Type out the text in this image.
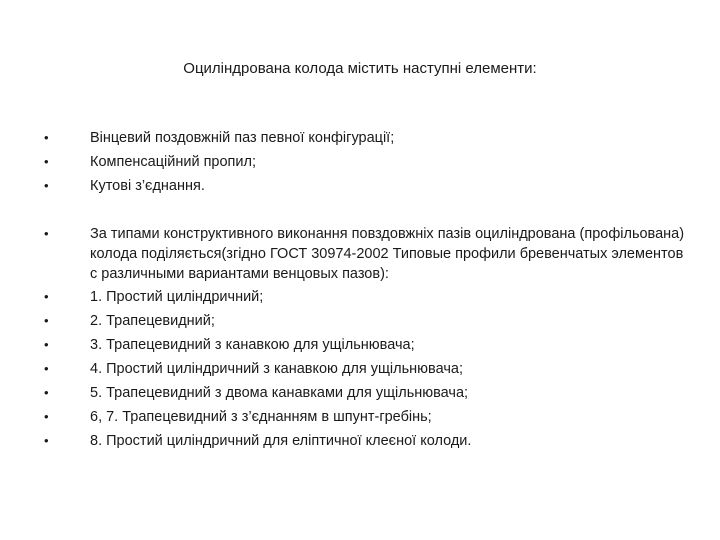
Оциліндрована колода містить наступні елементи:
•	Вінцевий поздовжній паз певної конфігурації;
•	Компенсаційний пропил;
•	Кутові з’єднання.
•	За типами конструктивного виконання повздовжніх пазів оциліндрована (профільована) колода поділяється(згідно ГОСТ 30974-2002 Типовые профили бревенчатых элементов с различными вариантами венцовых пазов):
•	1. Простий циліндричний;
•	2. Трапецевидний;
•	3. Трапецевидний з канавкою для ущільнювача;
•	4. Простий циліндричний з канавкою для ущільнювача;
•	5. Трапецевидний з двома канавками для ущільнювача;
•	6, 7. Трапецевидний з з’єднанням в шпунт-гребінь;
•	8. Простий циліндричний для еліптичної клеєної колоди.
